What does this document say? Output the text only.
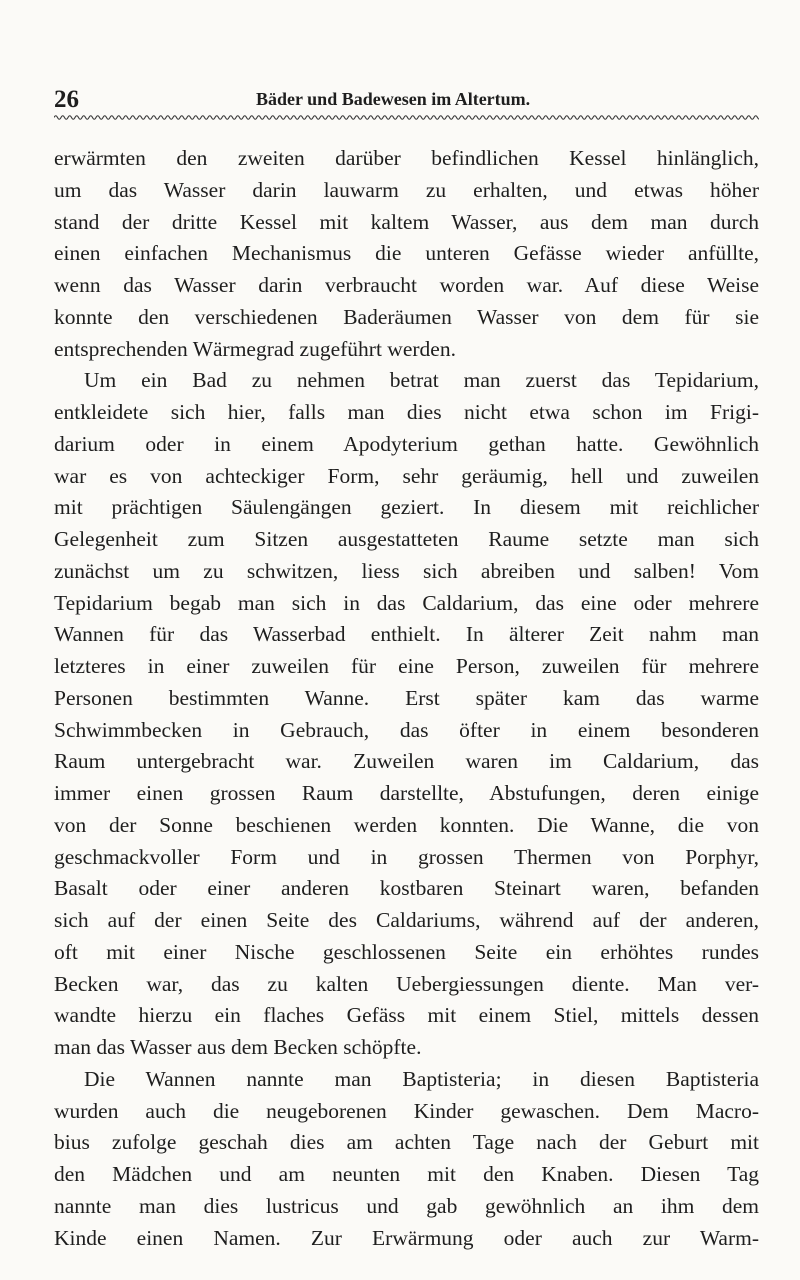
26	Bäder und Badewesen im Altertum.
erwärmten den zweiten darüber befindlichen Kessel hinlänglich,
um das Wasser darin lauwarm zu erhalten, und etwas höher
stand der dritte Kessel mit kaltem Wasser, aus dem man durch
einen einfachen Mechanismus die unteren Gefässe wieder anfüllte,
wenn das Wasser darin verbraucht worden war. Auf diese Weise
konnte den verschiedenen Baderäumen Wasser von dem für sie
entsprechenden Wärmegrad zugeführt werden.
Um ein Bad zu nehmen betrat man zuerst das Tepidarium,
entkleidete sich hier, falls man dies nicht etwa schon im Frigi-
darium oder in einem Apodyterium gethan hatte. Gewöhnlich
war es von achteckiger Form, sehr geräumig, hell und zuweilen
mit prächtigen Säulengängen geziert. In diesem mit reichlicher
Gelegenheit zum Sitzen ausgestatteten Raume setzte man sich
zunächst um zu schwitzen, liess sich abreiben und salben! Vom
Tepidarium begab man sich in das Caldarium, das eine oder mehrere
Wannen für das Wasserbad enthielt. In älterer Zeit nahm man
letzteres in einer zuweilen für eine Person, zuweilen für mehrere
Personen bestimmten Wanne. Erst später kam das warme
Schwimmbecken in Gebrauch, das öfter in einem besonderen
Raum untergebracht war. Zuweilen waren im Caldarium, das
immer einen grossen Raum darstellte, Abstufungen, deren einige
von der Sonne beschienen werden konnten. Die Wanne, die von
geschmackvoller Form und in grossen Thermen von Porphyr,
Basalt oder einer anderen kostbaren Steinart waren, befanden
sich auf der einen Seite des Caldariums, während auf der anderen,
oft mit einer Nische geschlossenen Seite ein erhöhtes rundes
Becken war, das zu kalten Uebergiessungen diente. Man ver-
wandte hierzu ein flaches Gefäss mit einem Stiel, mittels dessen
man das Wasser aus dem Becken schöpfte.
Die Wannen nannte man Baptisteria; in diesen Baptisteria
wurden auch die neugeborenen Kinder gewaschen. Dem Macro-
bius zufolge geschah dies am achten Tage nach der Geburt mit
den Mädchen und am neunten mit den Knaben. Diesen Tag
nannte man dies lustricus und gab gewöhnlich an ihm dem
Kinde einen Namen. Zur Erwärmung oder auch zur Warm-
